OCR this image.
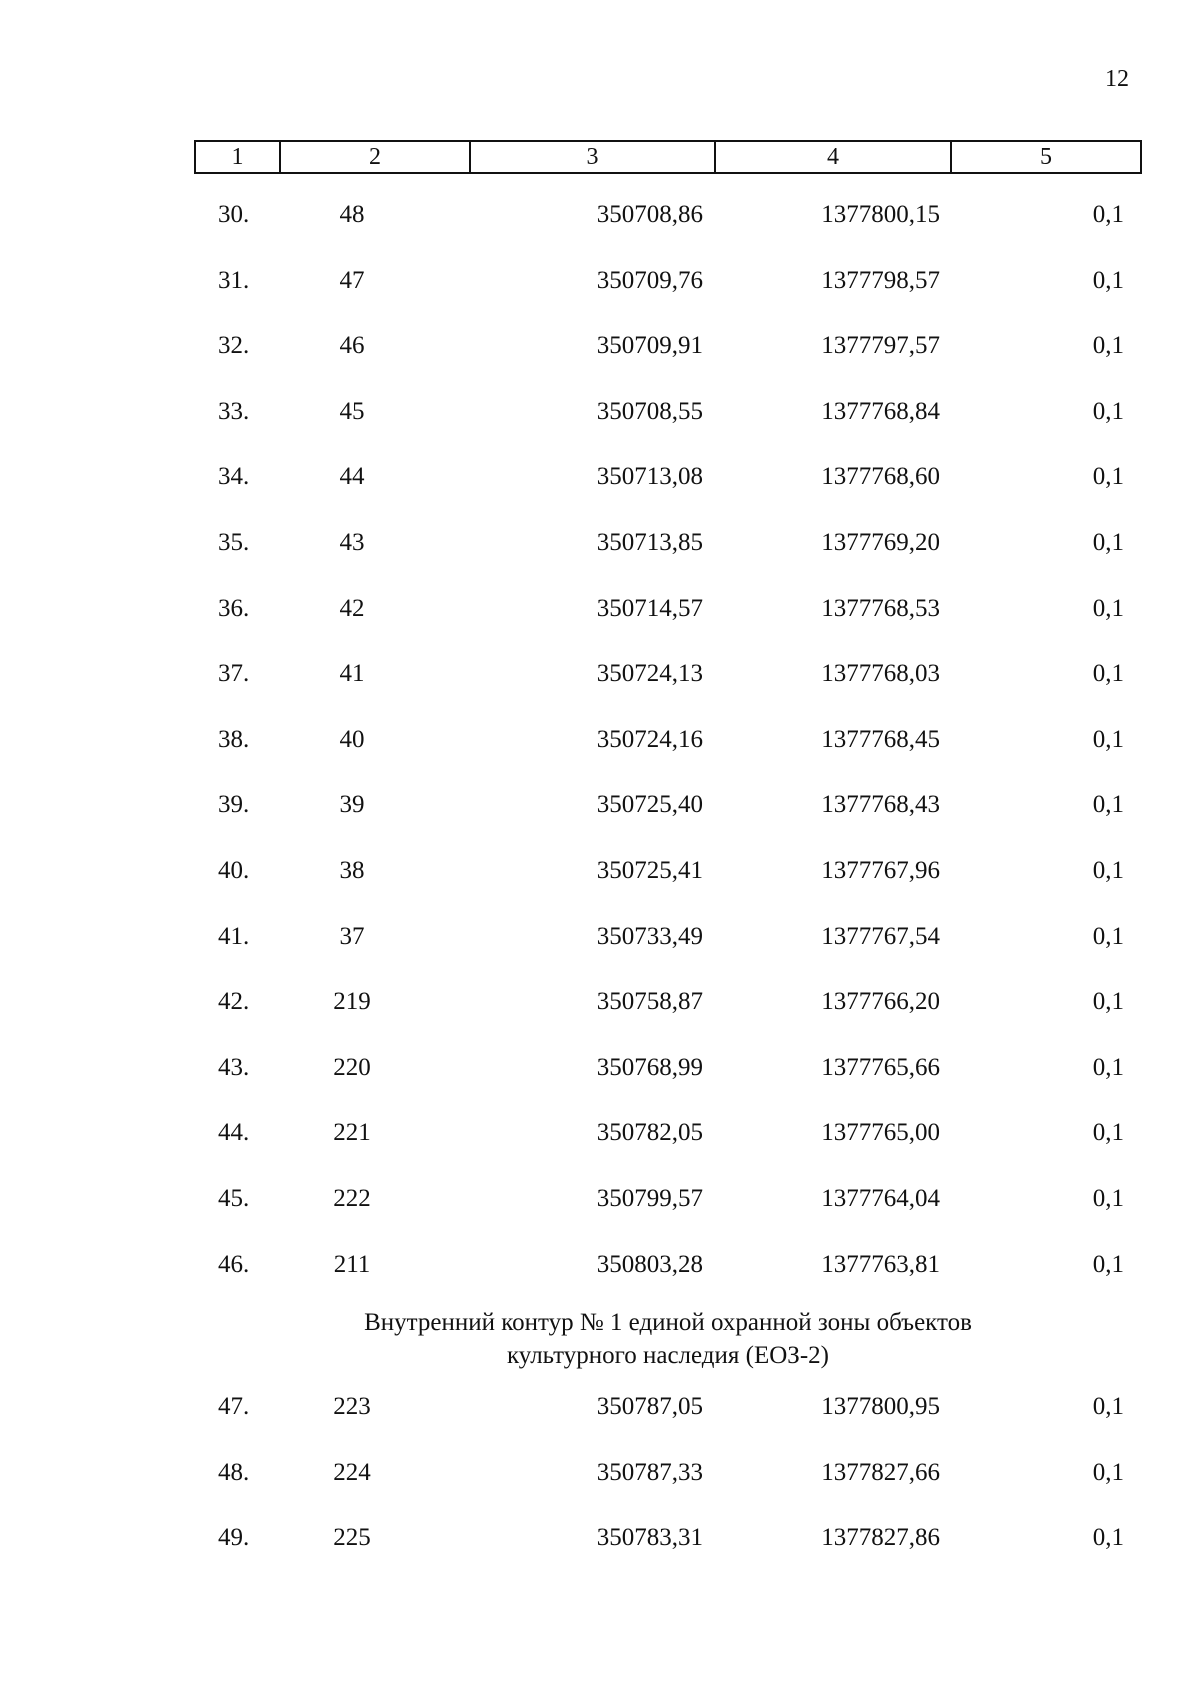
12
1	2	3	4	5
30.	48	350708,86	1377800,15	0,1
31.	47	350709,76	1377798,57	0,1
32.	46	350709,91	1377797,57	0,1
33.	45	350708,55	1377768,84	0,1
34.	44	350713,08	1377768,60	0,1
35.	43	350713,85	1377769,20	0,1
36.	42	350714,57	1377768,53	0,1
37.	41	350724,13	1377768,03	0,1
38.	40	350724,16	1377768,45	0,1
39.	39	350725,40	1377768,43	0,1
40.	38	350725,41	1377767,96	0,1
41.	37	350733,49	1377767,54	0,1
42.	219	350758,87	1377766,20	0,1
43.	220	350768,99	1377765,66	0,1
44.	221	350782,05	1377765,00	0,1
45.	222	350799,57	1377764,04	0,1
46.	211	350803,28	1377763,81	0,1
Внутренний контур № 1 единой охранной зоны объектов
культурного наследия (ЕОЗ-2)
47.	223	350787,05	1377800,95	0,1
48.	224	350787,33	1377827,66	0,1
49.	225	350783,31	1377827,86	0,1
